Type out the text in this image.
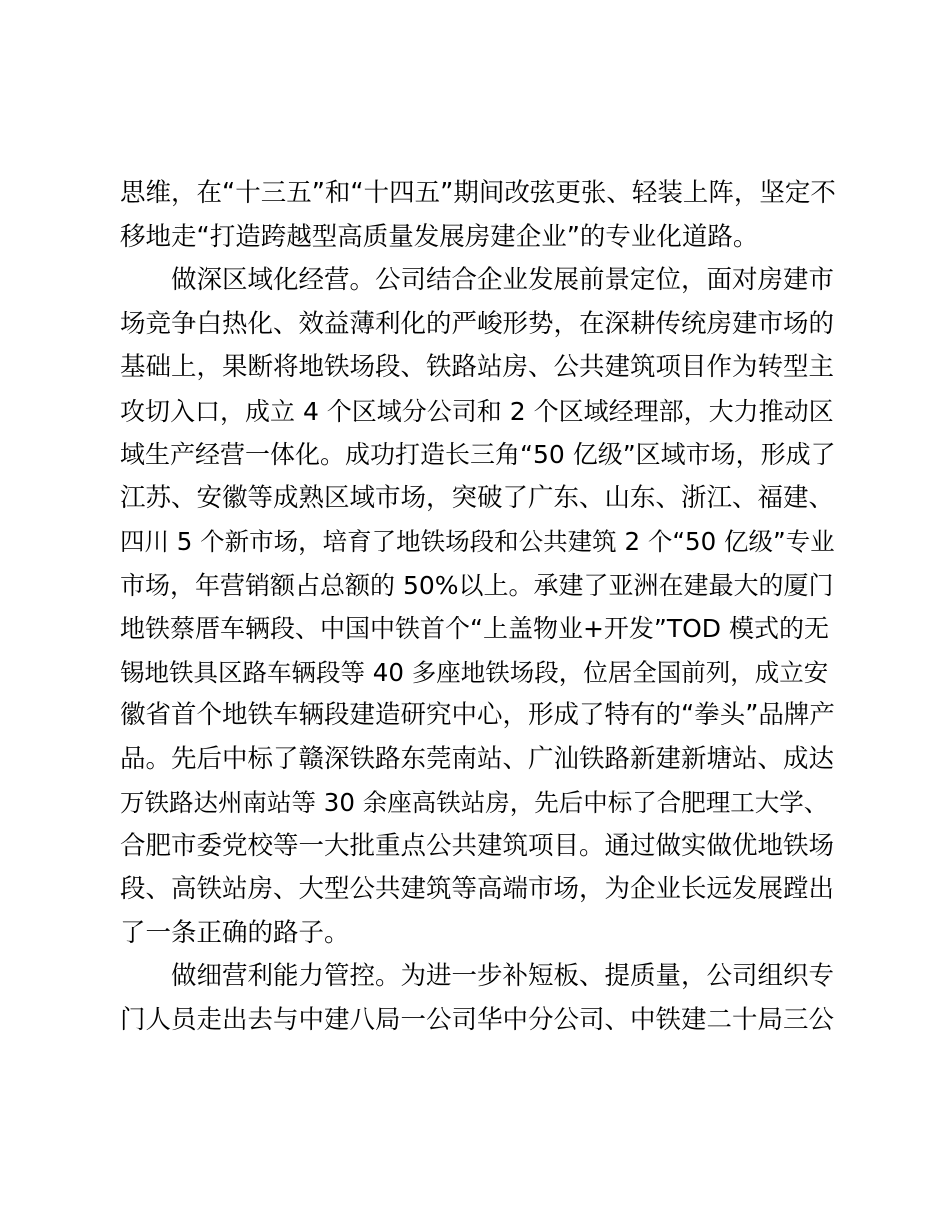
思维，在“十三五”和“十四五”期间改弦更张、轻装上阵，坚定不
移地走“打造跨越型高质量发展房建企业”的专业化道路。
做深区域化经营。公司结合企业发展前景定位，面对房建市
场竞争白热化、效益薄利化的严峻形势，在深耕传统房建市场的
基础上，果断将地铁场段、铁路站房、公共建筑项目作为转型主
攻切入口，成立 4 个区域分公司和 2 个区域经理部，大力推动区
域生产经营一体化。成功打造长三角“50 亿级”区域市场，形成了
江苏、安徽等成熟区域市场，突破了广东、山东、浙江、福建、
四川 5 个新市场，培育了地铁场段和公共建筑 2 个“50 亿级”专业
市场，年营销额占总额的 50%以上。承建了亚洲在建最大的厦门
地铁蔡厝车辆段、中国中铁首个“上盖物业+开发”TOD 模式的无
锡地铁具区路车辆段等 40 多座地铁场段，位居全国前列，成立安
徽省首个地铁车辆段建造研究中心，形成了特有的“拳头”品牌产
品。先后中标了赣深铁路东莞南站、广汕铁路新建新塘站、成达
万铁路达州南站等 30 余座高铁站房，先后中标了合肥理工大学、
合肥市委党校等一大批重点公共建筑项目。通过做实做优地铁场
段、高铁站房、大型公共建筑等高端市场，为企业长远发展蹚出
了一条正确的路子。
做细营利能力管控。为进一步补短板、提质量，公司组织专
门人员走出去与中建八局一公司华中分公司、中铁建二十局三公
